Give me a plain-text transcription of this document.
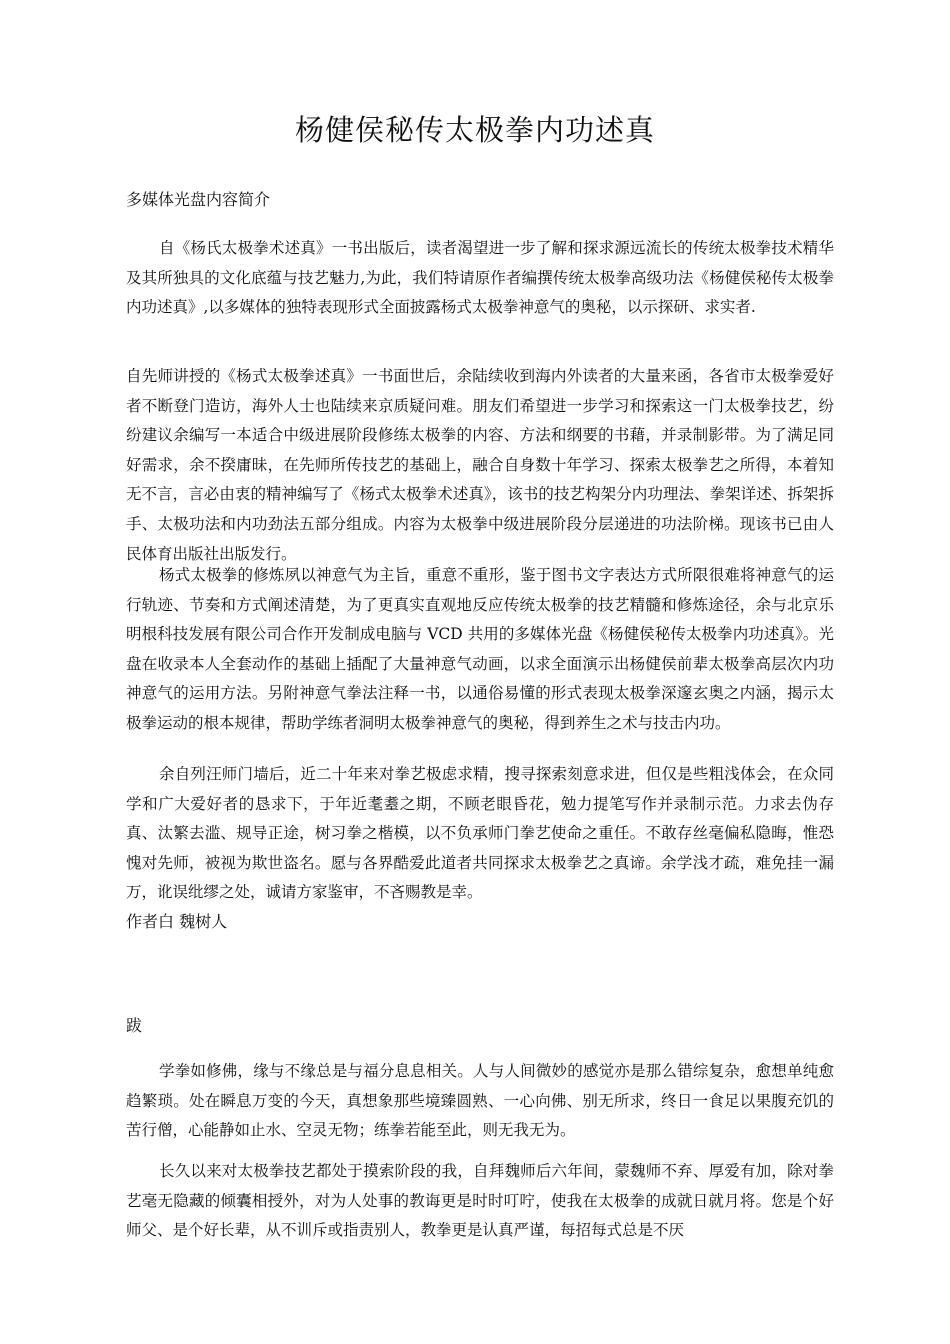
杨健侯秘传太极拳内功述真
多媒体光盘内容简介

自《杨氏太极拳术述真》一书出版后，读者渴望进一步了解和探求源远流长的传统太极拳技术精华及其所独具的文化底蕴与技艺魅力,为此，我们特请原作者编撰传统太极拳高级功法《杨健侯秘传太极拳内功述真》,以多媒体的独特表现形式全面披露杨式太极拳神意气的奥秘，以示探研、求实者.

自先师讲授的《杨式太极拳述真》一书面世后，余陆续收到海内外读者的大量来函，各省市太极拳爱好者不断登门造访，海外人士也陆续来京质疑问难。朋友们希望进一步学习和探索这一门太极拳技艺，纷纷建议余编写一本适合中级进展阶段修练太极拳的内容、方法和纲要的书藉，并录制影带。为了满足同好需求，余不揆庸昧，在先师所传技艺的基础上，融合自身数十年学习、探索太极拳艺之所得，本着知无不言，言必由衷的精神编写了《杨式太极拳术述真》，该书的技艺构架分内功理法、拳架详述、拆架拆手、太极功法和内功劲法五部分组成。内容为太极拳中级进展阶段分层递进的功法阶梯。现该书已由人民体育出版社出版发行。

杨式太极拳的修炼夙以神意气为主旨，重意不重形，鉴于图书文字表达方式所限很难将神意气的运行轨迹、节奏和方式阐述清楚，为了更真实直观地反应传统太极拳的技艺精髓和修炼途径，余与北京乐明根科技发展有限公司合作开发制成电脑与 VCD 共用的多媒体光盘《杨健侯秘传太极拳内功述真》。光盘在收录本人全套动作的基础上插配了大量神意气动画，以求全面演示出杨健侯前辈太极拳高层次内功神意气的运用方法。另附神意气拳法注释一书，以通俗易懂的形式表现太极拳深邃玄奥之内涵，揭示太极拳运动的根本规律，帮助学练者洞明太极拳神意气的奥秘，得到养生之术与技击内功。

余自列汪师门墙后，近二十年来对拳艺极虑求精，搜寻探索刻意求进，但仅是些粗浅体会，在众同学和广大爱好者的恳求下，于年近耄耋之期，不顾老眼昏花，勉力提笔写作并录制示范。力求去伪存真、汰繁去滥、规导正途，树习拳之楷模，以不负承师门拳艺使命之重任。不敢存丝毫偏私隐晦，惟恐愧对先师，被视为欺世盗名。愿与各界酷爱此道者共同探求太极拳艺之真谛。余学浅才疏，难免挂一漏万，讹误纰缪之处，诚请方家鉴审，不吝赐教是幸。

作者白 魏树人
跋

学拳如修佛，缘与不缘总是与福分息息相关。人与人间微妙的感觉亦是那么错综复杂，愈想单纯愈趋繁琐。处在瞬息万变的今天，真想象那些境臻圆熟、一心向佛、别无所求，终日一食足以果腹充饥的苦行僧，心能静如止水、空灵无物；练拳若能至此，则无我无为。

长久以来对太极拳技艺都处于摸索阶段的我，自拜魏师后六年间，蒙魏师不弃、厚爱有加，除对拳艺毫无隐藏的倾囊相授外，对为人处事的教诲更是时时叮咛，使我在太极拳的成就日就月将。您是个好师父、是个好长辈，从不训斥或指责别人，教拳更是认真严谨，每招每式总是不厌
